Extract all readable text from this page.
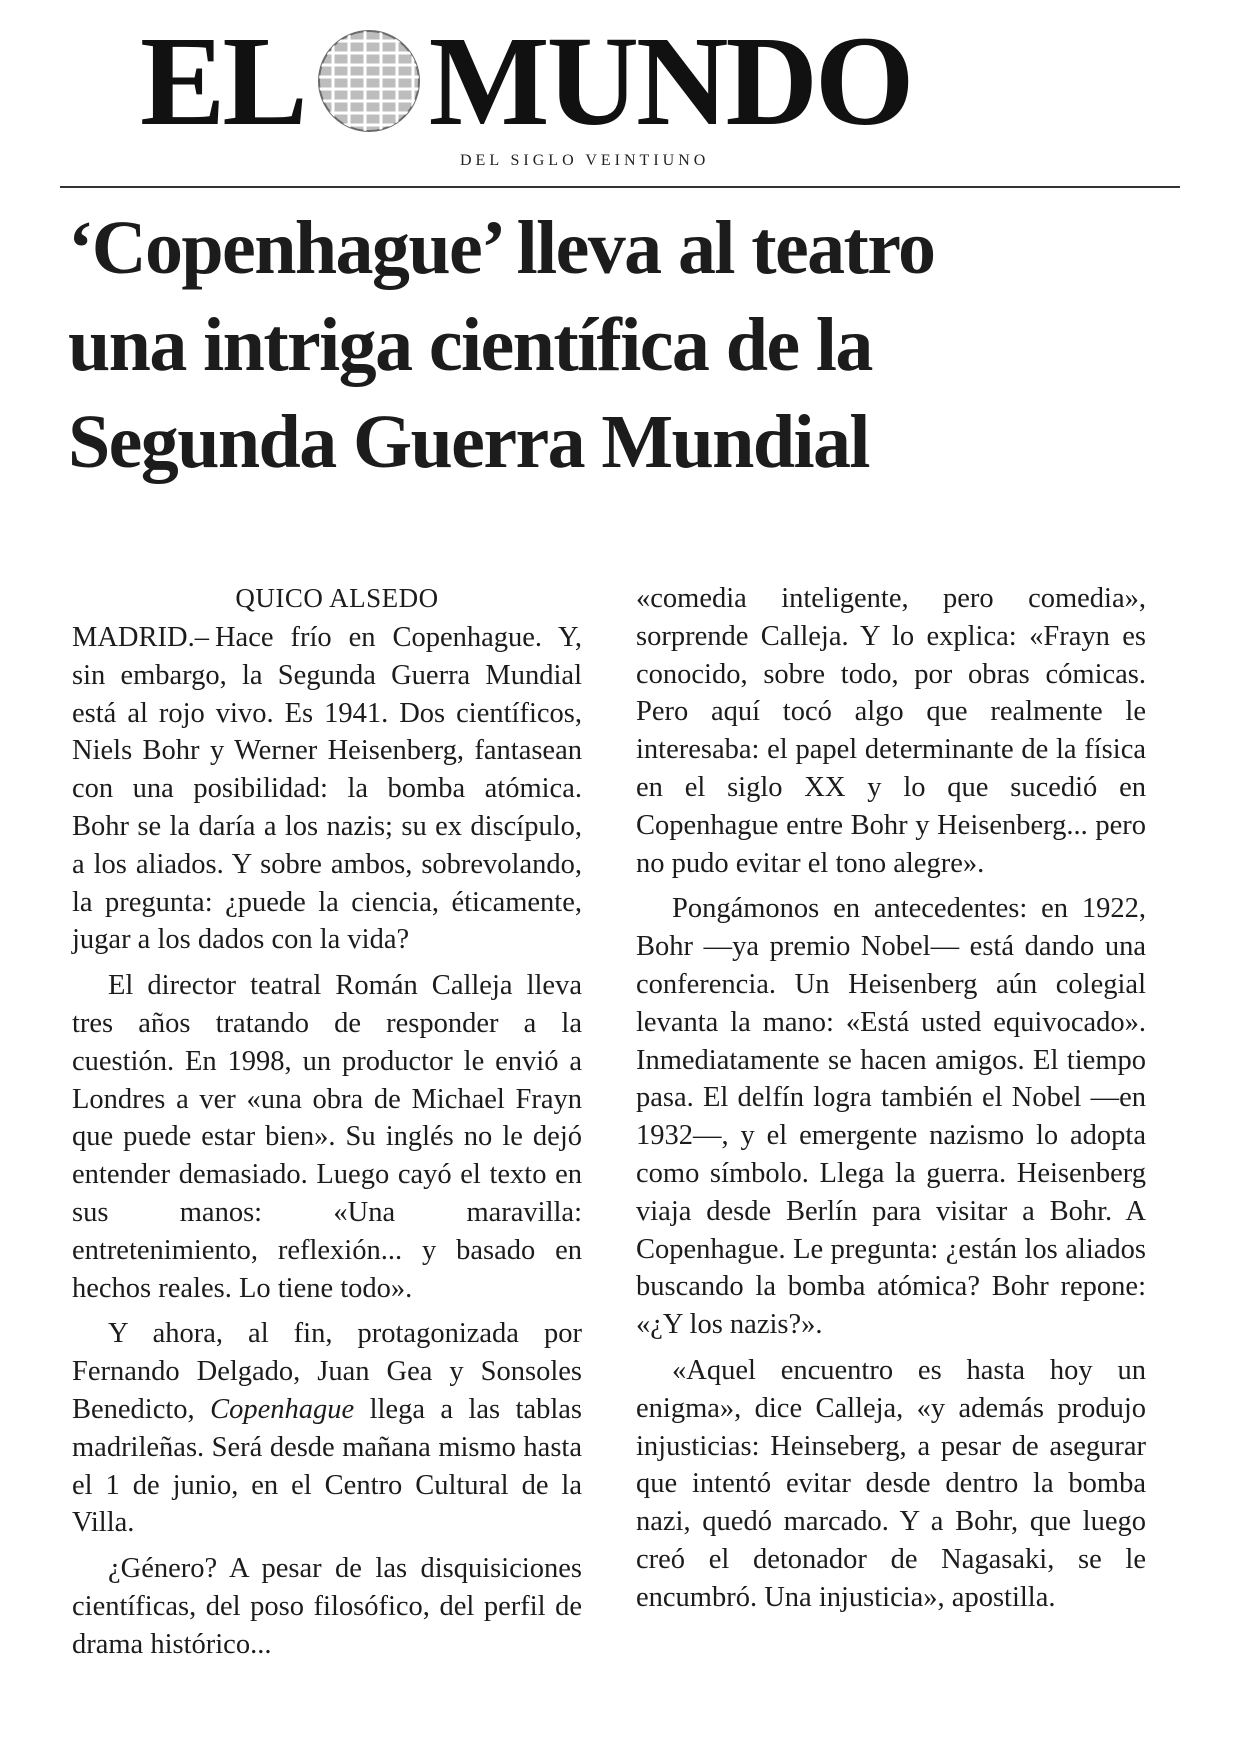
EL MUNDO
DEL SIGLO VEINTIUNO
‘Copenhague’ lleva al teatro
una intriga científica de la
Segunda Guerra Mundial
QUICO ALSEDO

MADRID.– Hace frío en Copenhague. Y, sin embargo, la Segunda Guerra Mundial está al rojo vivo. Es 1941. Dos científicos, Niels Bohr y Werner Heisenberg, fantasean con una posibilidad: la bomba atómica. Bohr se la daría a los nazis; su ex discípulo, a los aliados. Y sobre ambos, sobrevolando, la pregunta: ¿puede la ciencia, éticamente, jugar a los dados con la vida?

El director teatral Román Calleja lleva tres años tratando de responder a la cuestión. En 1998, un productor le envió a Londres a ver «una obra de Michael Frayn que puede estar bien». Su inglés no le dejó entender demasiado. Luego cayó el texto en sus manos: «Una maravilla: entretenimiento, reflexión... y basado en hechos reales. Lo tiene todo».

Y ahora, al fin, protagonizada por Fernando Delgado, Juan Gea y Sonsoles Benedicto, Copenhague llega a las tablas madrileñas. Será desde mañana mismo hasta el 1 de junio, en el Centro Cultural de la Villa.

¿Género? A pesar de las disquisiciones científicas, del poso filosófico, del perfil de drama histórico...

«comedia inteligente, pero comedia», sorprende Calleja. Y lo explica: «Frayn es conocido, sobre todo, por obras cómicas. Pero aquí tocó algo que realmente le interesaba: el papel determinante de la física en el siglo XX y lo que sucedió en Copenhague entre Bohr y Heisenberg... pero no pudo evitar el tono alegre».

Pongámonos en antecedentes: en 1922, Bohr —ya premio Nobel— está dando una conferencia. Un Heisenberg aún colegial levanta la mano: «Está usted equivocado». Inmediatamente se hacen amigos. El tiempo pasa. El delfín logra también el Nobel —en 1932—, y el emergente nazismo lo adopta como símbolo. Llega la guerra. Heisenberg viaja desde Berlín para visitar a Bohr. A Copenhague. Le pregunta: ¿están los aliados buscando la bomba atómica? Bohr repone: «¿Y los nazis?».

«Aquel encuentro es hasta hoy un enigma», dice Calleja, «y además produjo injusticias: Heinseberg, a pesar de asegurar que intentó evitar desde dentro la bomba nazi, quedó marcado. Y a Bohr, que luego creó el detonador de Nagasaki, se le encumbró. Una injusticia», apostilla.
